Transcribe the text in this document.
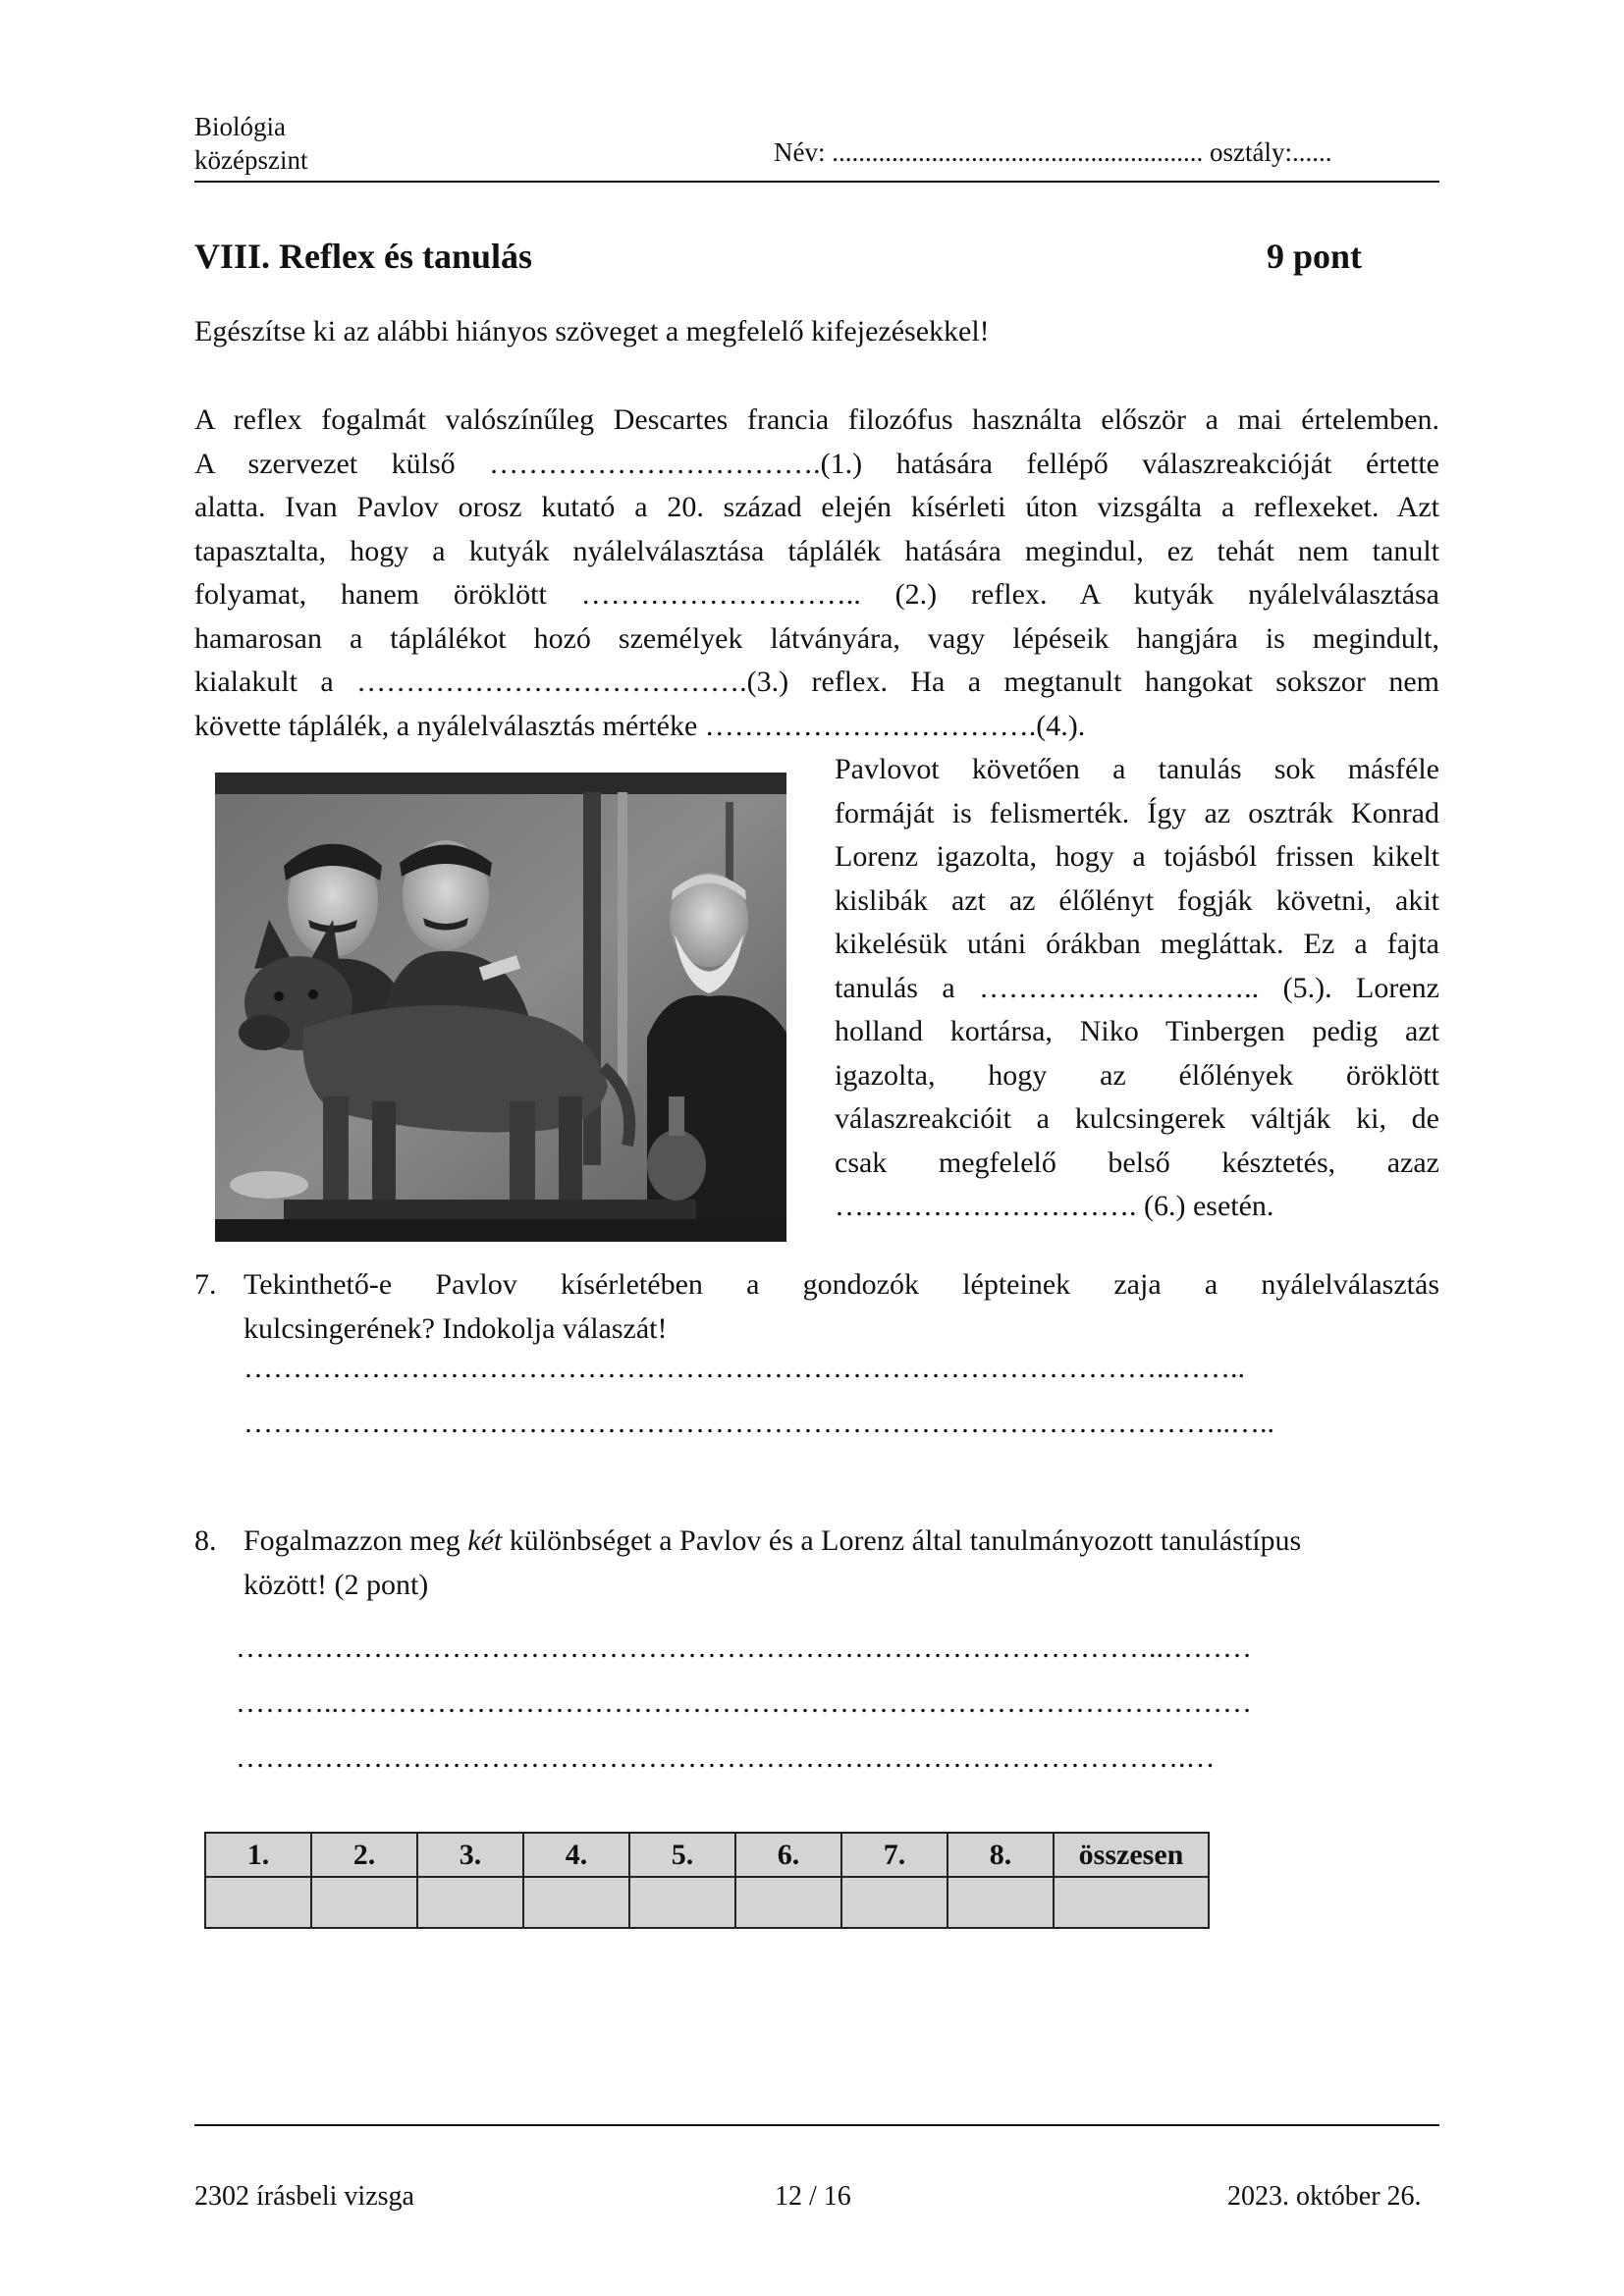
Biológia
középszint	Név: ........................................................ osztály:......
VIII. Reflex és tanulás	9 pont
Egészítse ki az alábbi hiányos szöveget a megfelelő kifejezésekkel!
A reflex fogalmát valószínűleg Descartes francia filozófus használta először a mai értelemben.
A szervezet külső …………………………….(1.) hatására fellépő válaszreakcióját értette
alatta. Ivan Pavlov orosz kutató a 20. század elején kísérleti úton vizsgálta a reflexeket. Azt
tapasztalta, hogy a kutyák nyálelválasztása táplálék hatására megindul, ez tehát nem tanult
folyamat, hanem öröklött ……………………….. (2.) reflex. A kutyák nyálelválasztása
hamarosan a táplálékot hozó személyek látványára, vagy lépéseik hangjára is megindult,
kialakult a ………………………………….(3.) reflex. Ha a megtanult hangokat sokszor nem
követte táplálék, a nyálelválasztás mértéke …………………………….(4.).
Pavlovot követően a tanulás sok másféle
formáját is felismerték. Így az osztrák Konrad
Lorenz igazolta, hogy a tojásból frissen kikelt
kislibák azt az élőlényt fogják követni, akit
kikelésük utáni órákban megláttak. Ez a fajta
tanulás a ……………………….. (5.). Lorenz
holland kortársa, Niko Tinbergen pedig azt
igazolta, hogy az élőlények öröklött
válaszreakcióit a kulcsingerek váltják ki, de
csak megfelelő belső késztetés, azaz
…………………………. (6.) esetén.
7. Tekinthető-e Pavlov kísérletében a gondozók lépteinek zaja a nyálelválasztás
kulcsingerének? Indokolja válaszát!
…………………………………………………………………………………..……..
………………………………………………………………………………………..…..
8. Fogalmazzon meg két különbséget a Pavlov és a Lorenz által tanulmányozott tanulástípus
között! (2 pont)
…………………………………………………………………………………..………
………..…………………………………………………………………………………
…………………………………………………………………………………….…
1.	2.	3.	4.	5.	6.	7.	8.	összesen

2302 írásbeli vizsga	12 / 16	2023. október 26.
